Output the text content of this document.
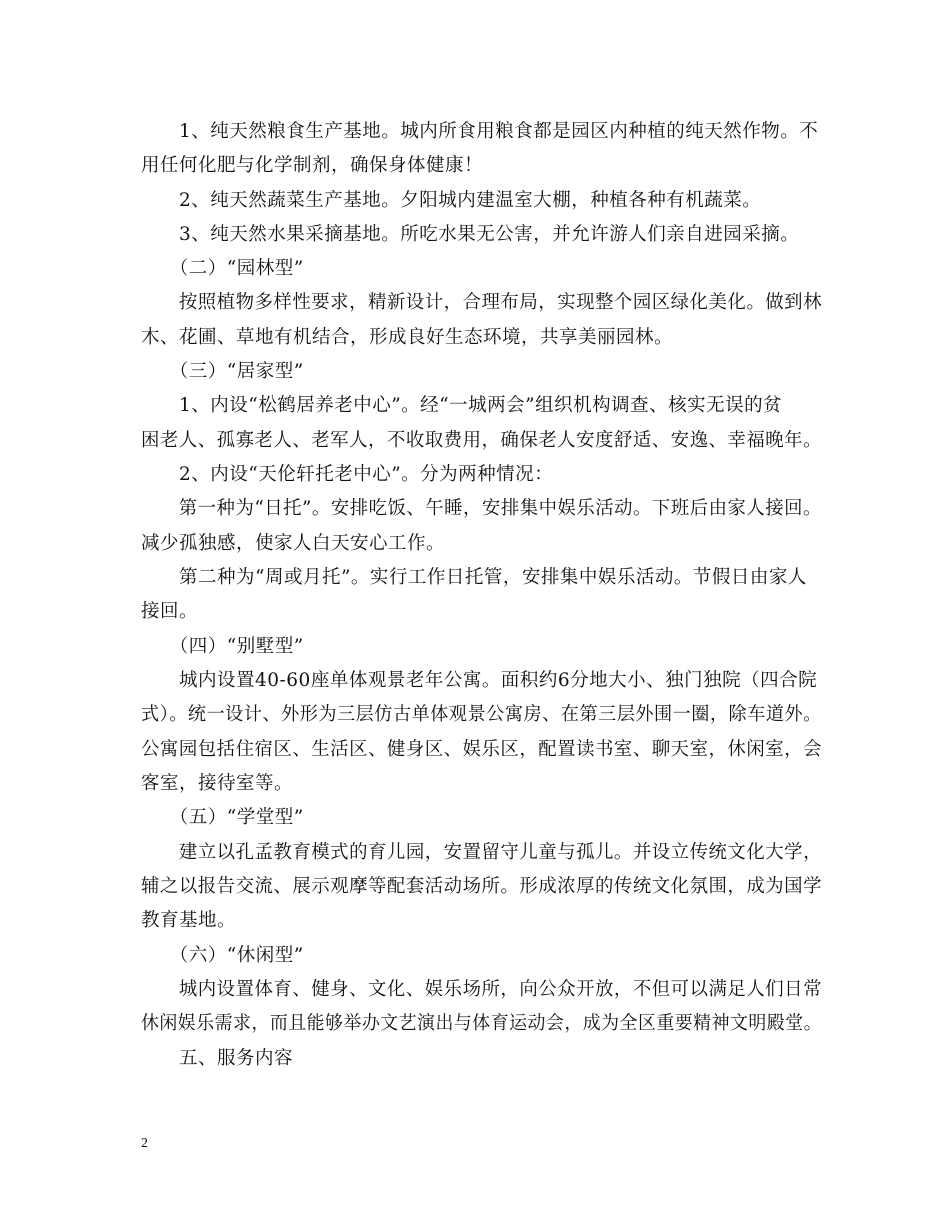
　　1、纯天然粮食生产基地。城内所食用粮食都是园区内种植的纯天然作物。不
用任何化肥与化学制剂，确保身体健康！
　　2、纯天然蔬菜生产基地。夕阳城内建温室大棚，种植各种有机蔬菜。
　　3、纯天然水果采摘基地。所吃水果无公害，并允许游人们亲自进园采摘。
　　（二）“园林型”
　　按照植物多样性要求，精新设计，合理布局，实现整个园区绿化美化。做到林
木、花圃、草地有机结合，形成良好生态环境，共享美丽园林。
　　（三）“居家型”
　　1、内设“松鹤居养老中心”。经“一城两会”组织机构调查、核实无误的贫
困老人、孤寡老人、老军人，不收取费用，确保老人安度舒适、安逸、幸福晚年。
　　2、内设“天伦轩托老中心”。分为两种情况：
　　第一种为“日托”。安排吃饭、午睡，安排集中娱乐活动。下班后由家人接回。
减少孤独感，使家人白天安心工作。
　　第二种为“周或月托”。实行工作日托管，安排集中娱乐活动。节假日由家人
接回。
　　（四）“别墅型”
　　城内设置40-60座单体观景老年公寓。面积约6分地大小、独门独院（四合院
式）。统一设计、外形为三层仿古单体观景公寓房、在第三层外围一圈，除车道外。
公寓园包括住宿区、生活区、健身区、娱乐区，配置读书室、聊天室，休闲室，会
客室，接待室等。
　　（五）“学堂型”
　　建立以孔孟教育模式的育儿园，安置留守儿童与孤儿。并设立传统文化大学，
辅之以报告交流、展示观摩等配套活动场所。形成浓厚的传统文化氛围，成为国学
教育基地。
　　（六）“休闲型”
　　城内设置体育、健身、文化、娱乐场所，向公众开放，不但可以满足人们日常
休闲娱乐需求，而且能够举办文艺演出与体育运动会，成为全区重要精神文明殿堂。
　　五、服务内容
2
